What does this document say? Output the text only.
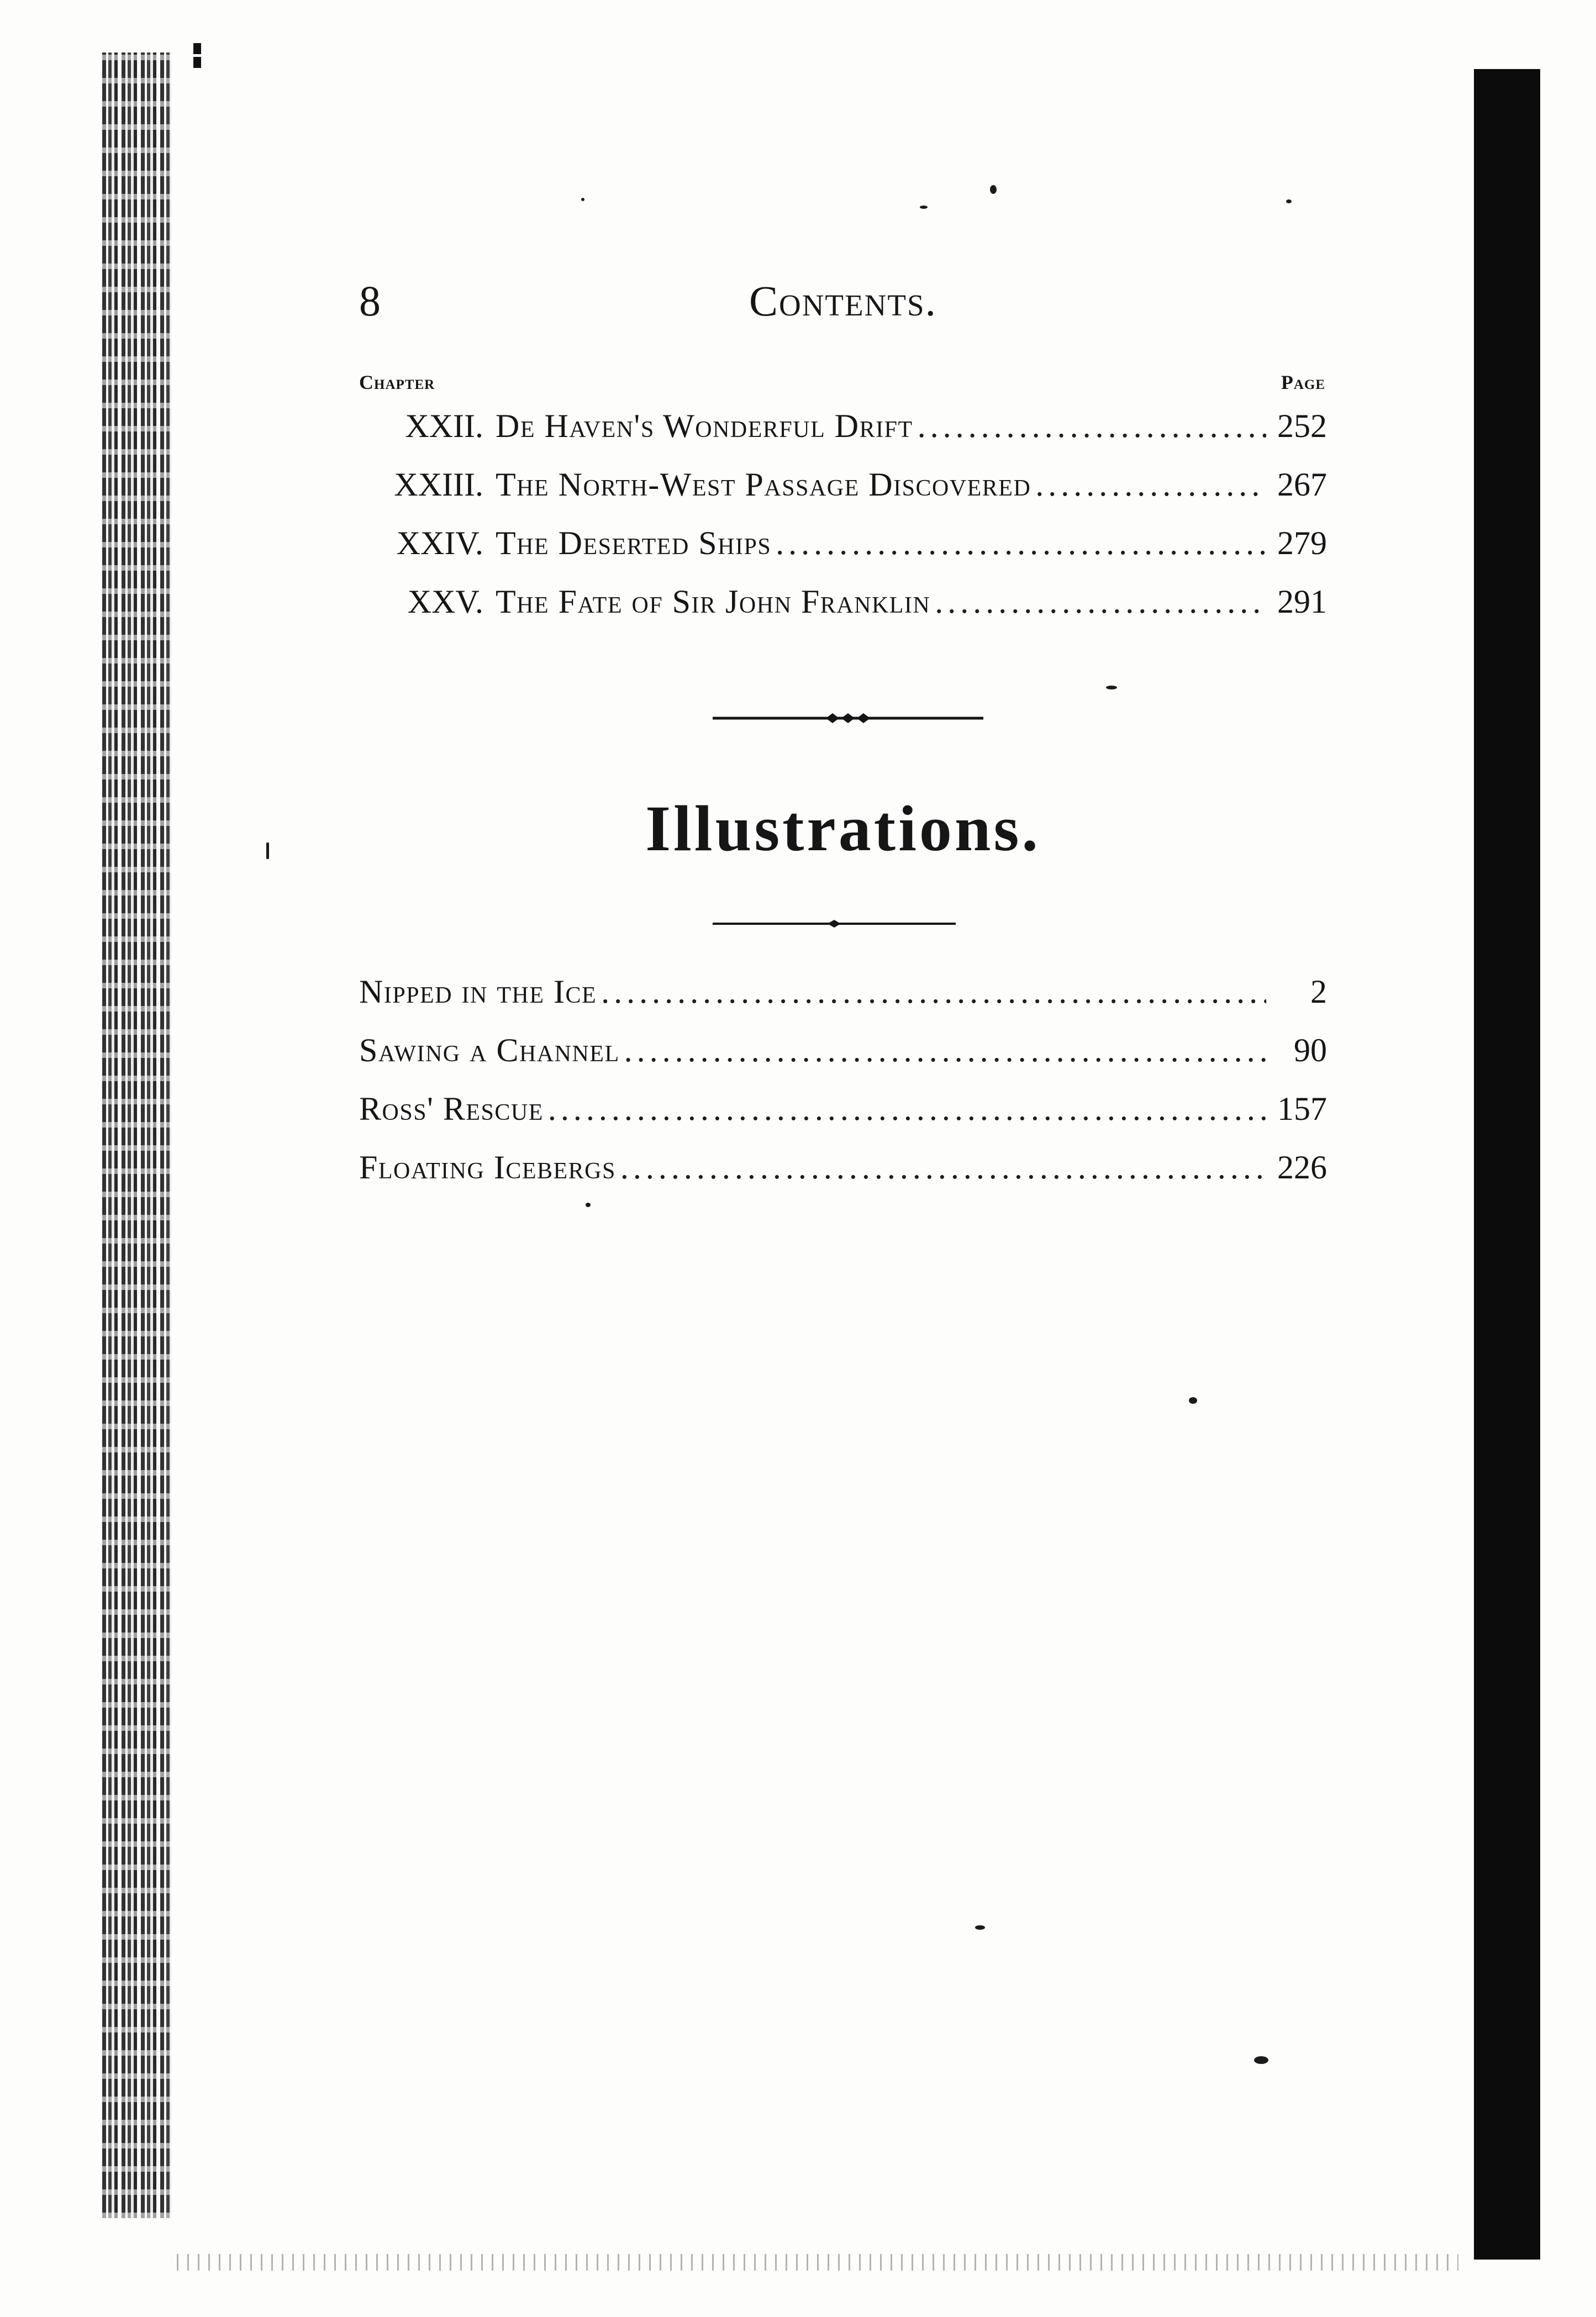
8	Contents.
Chapter	Page
XXII. De Haven's Wonderful Drift .....	252
XXIII. The North-West Passage Discovered .....	267
XXIV. The Deserted Ships .....	279
XXV. The Fate of Sir John Franklin .....	291
Illustrations.
Nipped in the Ice .....	2
Sawing a Channel .....	90
Ross' Rescue .....	157
Floating Icebergs .....	226
